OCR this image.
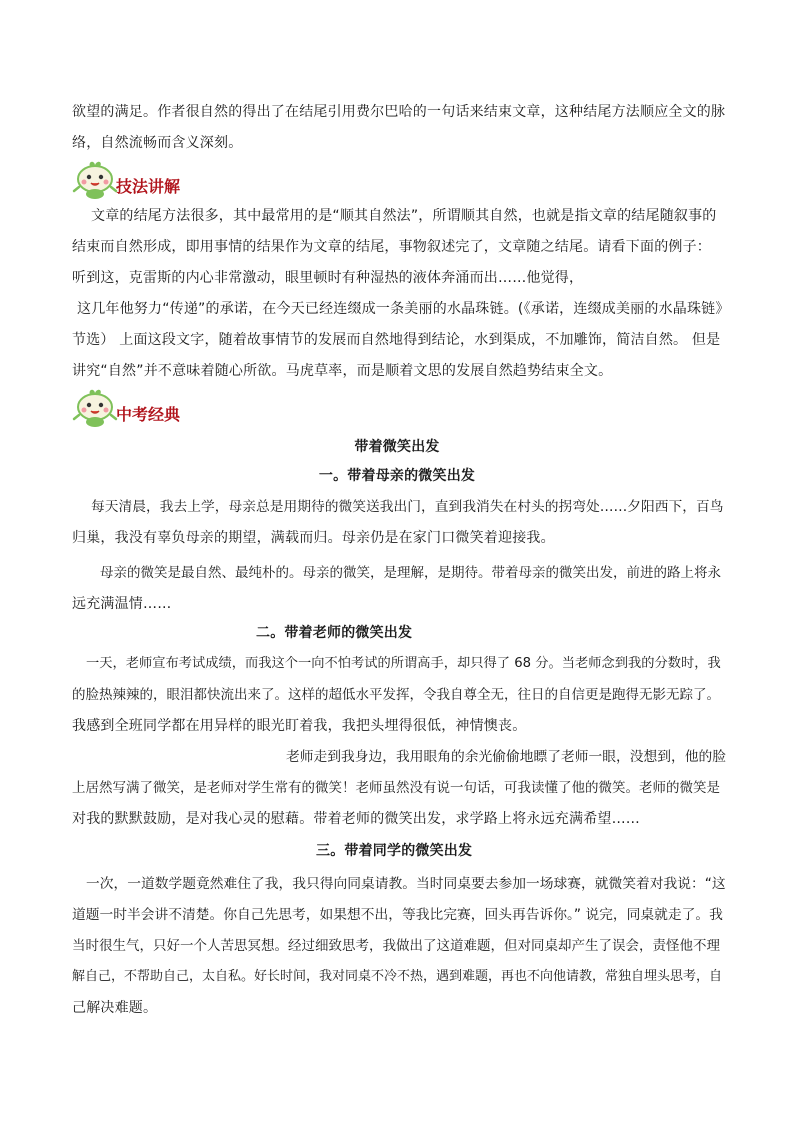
欲望的满足。作者很自然的得出了在结尾引用费尔巴哈的一句话来结束文章，这种结尾方法顺应全文的脉
络，自然流畅而含义深刻。
技法讲解
文章的结尾方法很多，其中最常用的是“顺其自然法”，所谓顺其自然，也就是指文章的结尾随叙事的
结束而自然形成，即用事情的结果作为文章的结尾，事物叙述完了，文章随之结尾。请看下面的例子：
听到这，克雷斯的内心非常激动，眼里顿时有种湿热的液体奔涌而出……他觉得，
这几年他努力“传递”的承诺，在今天已经连缀成一条美丽的水晶珠链。(《承诺，连缀成美丽的水晶珠链》
节选） 上面这段文字，随着故事情节的发展而自然地得到结论，水到渠成，不加雕饰，简洁自然。 但是
讲究“自然”并不意味着随心所欲。马虎草率，而是顺着文思的发展自然趋势结束全文。
中考经典
带着微笑出发
一。带着母亲的微笑出发
每天清晨，我去上学，母亲总是用期待的微笑送我出门，直到我消失在村头的拐弯处……夕阳西下，百鸟
归巢，我没有辜负母亲的期望，满载而归。母亲仍是在家门口微笑着迎接我。
母亲的微笑是最自然、最纯朴的。母亲的微笑，是理解，是期待。带着母亲的微笑出发，前进的路上将永
远充满温情……
二。带着老师的微笑出发
一天，老师宣布考试成绩，而我这个一向不怕考试的所谓高手，却只得了 68 分。当老师念到我的分数时，我
的脸热辣辣的，眼泪都快流出来了。这样的超低水平发挥，令我自尊全无，往日的自信更是跑得无影无踪了。
我感到全班同学都在用异样的眼光盯着我，我把头埋得很低，神情懊丧。
老师走到我身边，我用眼角的余光偷偷地瞟了老师一眼，没想到，他的脸
上居然写满了微笑，是老师对学生常有的微笑！老师虽然没有说一句话，可我读懂了他的微笑。老师的微笑是
对我的默默鼓励，是对我心灵的慰藉。带着老师的微笑出发，求学路上将永远充满希望……
三。带着同学的微笑出发
一次，一道数学题竟然难住了我，我只得向同桌请教。当时同桌要去参加一场球赛，就微笑着对我说：“这
道题一时半会讲不清楚。你自己先思考，如果想不出，等我比完赛，回头再告诉你。” 说完，同桌就走了。我
当时很生气，只好一个人苦思冥想。经过细致思考，我做出了这道难题，但对同桌却产生了误会，责怪他不理
解自己，不帮助自己，太自私。好长时间，我对同桌不冷不热，遇到难题，再也不向他请教，常独自埋头思考，自
己解决难题。
